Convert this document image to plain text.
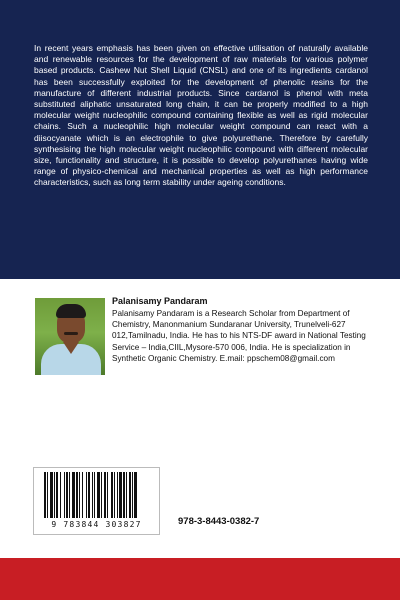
In recent years emphasis has been given on effective utilisation of naturally available and renewable resources for the development of raw materials for various polymer based products. Cashew Nut Shell Liquid (CNSL) and one of its ingredients cardanol has been successfully exploited for the development of phenolic resins for the manufacture of different industrial products. Since cardanol is phenol with meta substituted aliphatic unsaturated long chain, it can be properly modified to a high molecular weight nucleophilic compound containing flexible as well as rigid molecular chains. Such a nucleophilic high molecular weight compound can react with a diisocyanate which is an electrophile to give polyurethane. Therefore by carefully synthesising the high molecular weight nucleophilic compound with different molecular size, functionality and structure, it is possible to develop polyurethanes having wide range of physico-chemical and mechanical properties as well as high performance characteristics, such as long term stability under ageing conditions.

Palanisamy Pandaram

Palanisamy Pandaram is a Research Scholar from Department of Chemistry, Manonmanium Sundaranar University, Trunelveli-627 012,Tamilnadu, India. He has to his NTS-DF award in National Testing Service – India,CIIL,Mysore-570 006, India. He is specialization in Synthetic Organic Chemistry. E.mail: ppschem08@gmail.com

9 783844 303827	978-3-8443-0382-7
